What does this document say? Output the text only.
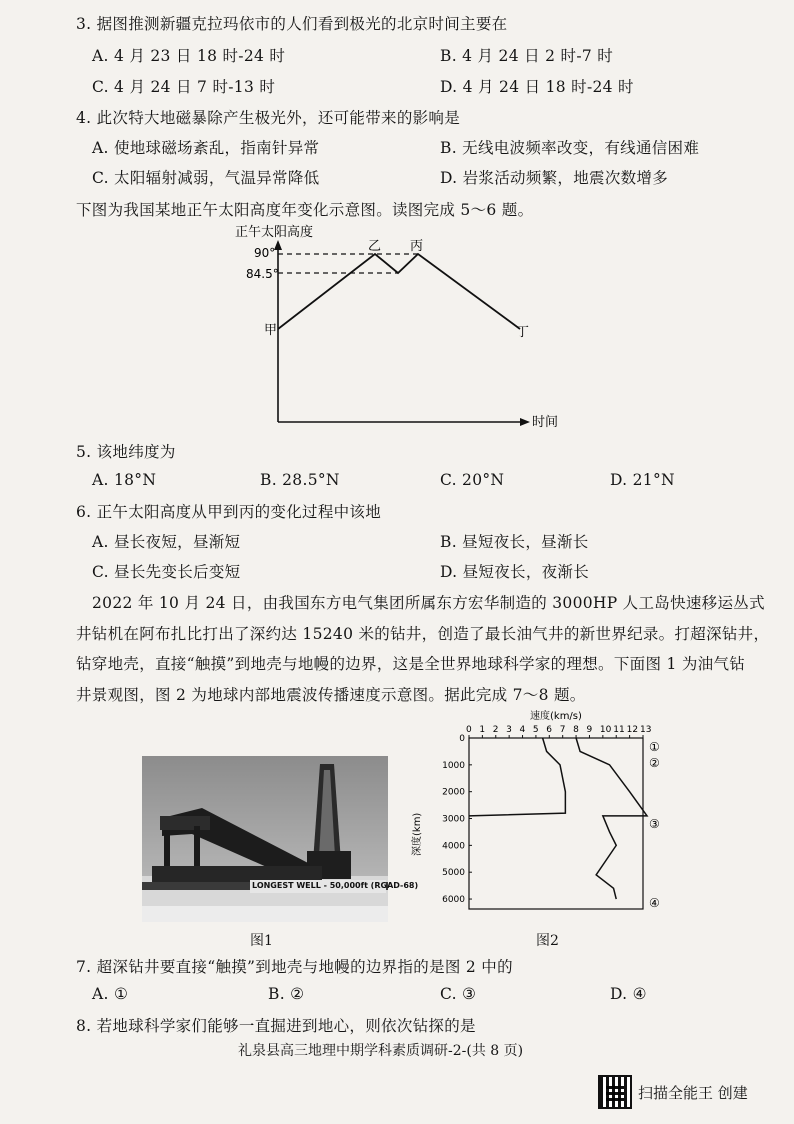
3. 据图推测新疆克拉玛依市的人们看到极光的北京时间主要在
A. 4 月 23 日 18 时-24 时	B. 4 月 24 日 2 时-7 时
C. 4 月 24 日 7 时-13 时	D. 4 月 24 日 18 时-24 时
4. 此次特大地磁暴除产生极光外，还可能带来的影响是
A. 使地球磁场紊乱，指南针异常	B. 无线电波频率改变，有线通信困难
C. 太阳辐射减弱，气温异常降低	D. 岩浆活动频繁，地震次数增多
下图为我国某地正午太阳高度年变化示意图。读图完成 5～6 题。
正午太阳高度
时间
90°
84.5°
甲
乙 丙
丁
5. 该地纬度为
A. 18°N	B. 28.5°N	C. 20°N	D. 21°N
6. 正午太阳高度从甲到丙的变化过程中该地
A. 昼长夜短，昼渐短	B. 昼短夜长，昼渐长
C. 昼长先变长后变短	D. 昼短夜长，夜渐长
2022 年 10 月 24 日，由我国东方电气集团所属东方宏华制造的 3000HP 人工岛快速移运丛式
井钻机在阿布扎比打出了深约达 15240 米的钻井，创造了最长油气井的新世界纪录。打超深钻井，
钻穿地壳，直接“触摸”到地壳与地幔的边界，这是全世界地球科学家的理想。下面图 1 为油气钻
井景观图，图 2 为地球内部地震波传播速度示意图。据此完成 7～8 题。
LONGEST WELL - 50,000ft (RGAD-68)
图1
速度(km/s)
深度(km)
0 1 2 3 4 5 6 7 8 9 10 11 12 13
0
1000
2000
3000
4000
5000
6000
①
②
③
④
图2
7. 超深钻井要直接“触摸”到地壳与地幔的边界指的是图 2 中的
A. ①	B. ②	C. ③	D. ④
8. 若地球科学家们能够一直掘进到地心，则依次钻探的是
礼泉县高三地理中期学科素质调研-2-(共 8 页)
扫描全能王 创建
